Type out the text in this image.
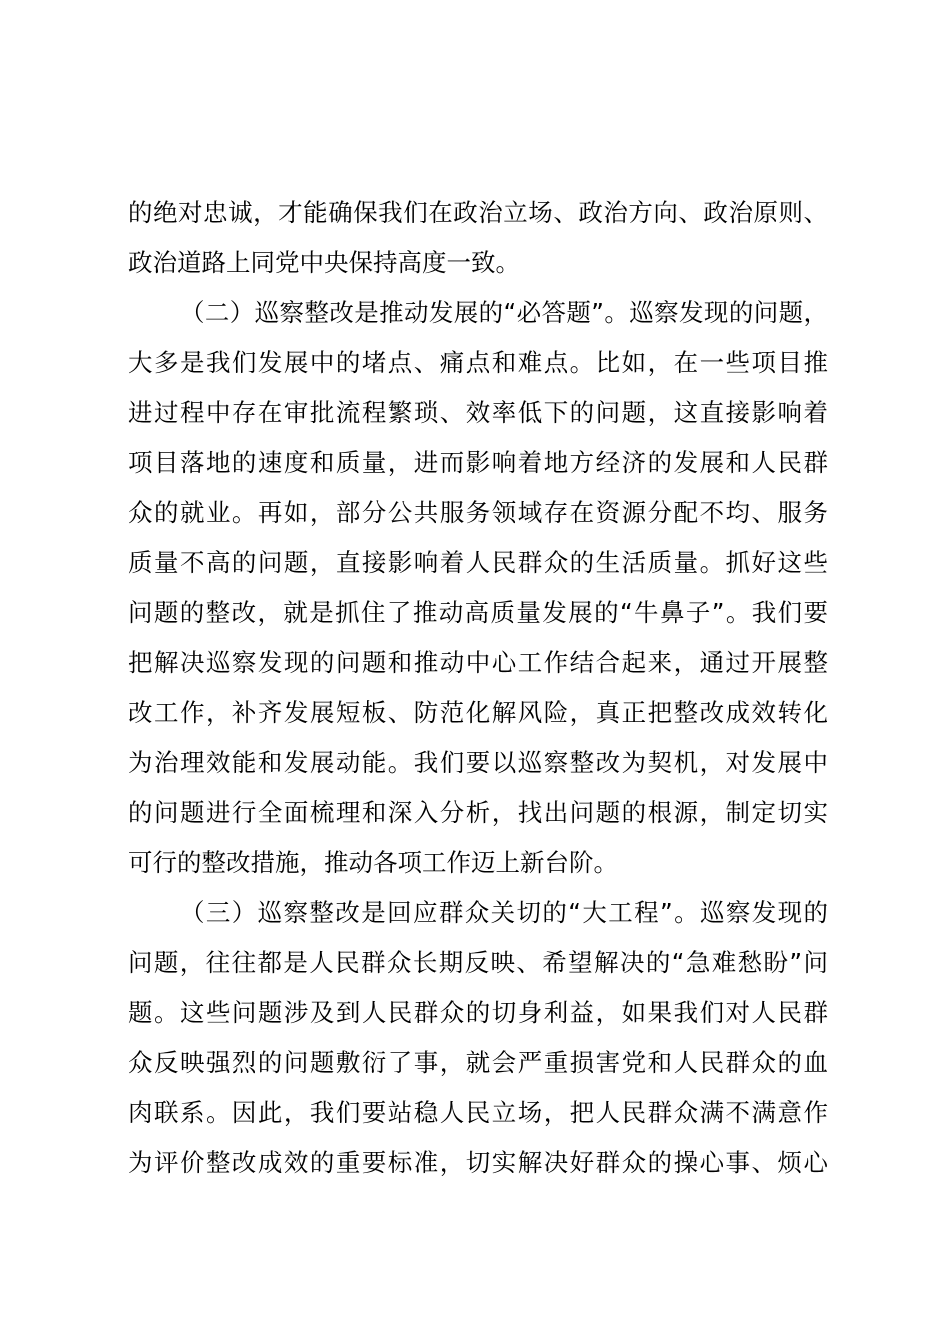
的绝对忠诚，才能确保我们在政治立场、政治方向、政治原则、
政治道路上同党中央保持高度一致。
（二）巡察整改是推动发展的“必答题”。巡察发现的问题，
大多是我们发展中的堵点、痛点和难点。比如，在一些项目推
进过程中存在审批流程繁琐、效率低下的问题，这直接影响着
项目落地的速度和质量，进而影响着地方经济的发展和人民群
众的就业。再如，部分公共服务领域存在资源分配不均、服务
质量不高的问题，直接影响着人民群众的生活质量。抓好这些
问题的整改，就是抓住了推动高质量发展的“牛鼻子”。我们要
把解决巡察发现的问题和推动中心工作结合起来，通过开展整
改工作，补齐发展短板、防范化解风险，真正把整改成效转化
为治理效能和发展动能。我们要以巡察整改为契机，对发展中
的问题进行全面梳理和深入分析，找出问题的根源，制定切实
可行的整改措施，推动各项工作迈上新台阶。
（三）巡察整改是回应群众关切的“大工程”。巡察发现的
问题，往往都是人民群众长期反映、希望解决的“急难愁盼”问
题。这些问题涉及到人民群众的切身利益，如果我们对人民群
众反映强烈的问题敷衍了事，就会严重损害党和人民群众的血
肉联系。因此，我们要站稳人民立场，把人民群众满不满意作
为评价整改成效的重要标准，切实解决好群众的操心事、烦心
